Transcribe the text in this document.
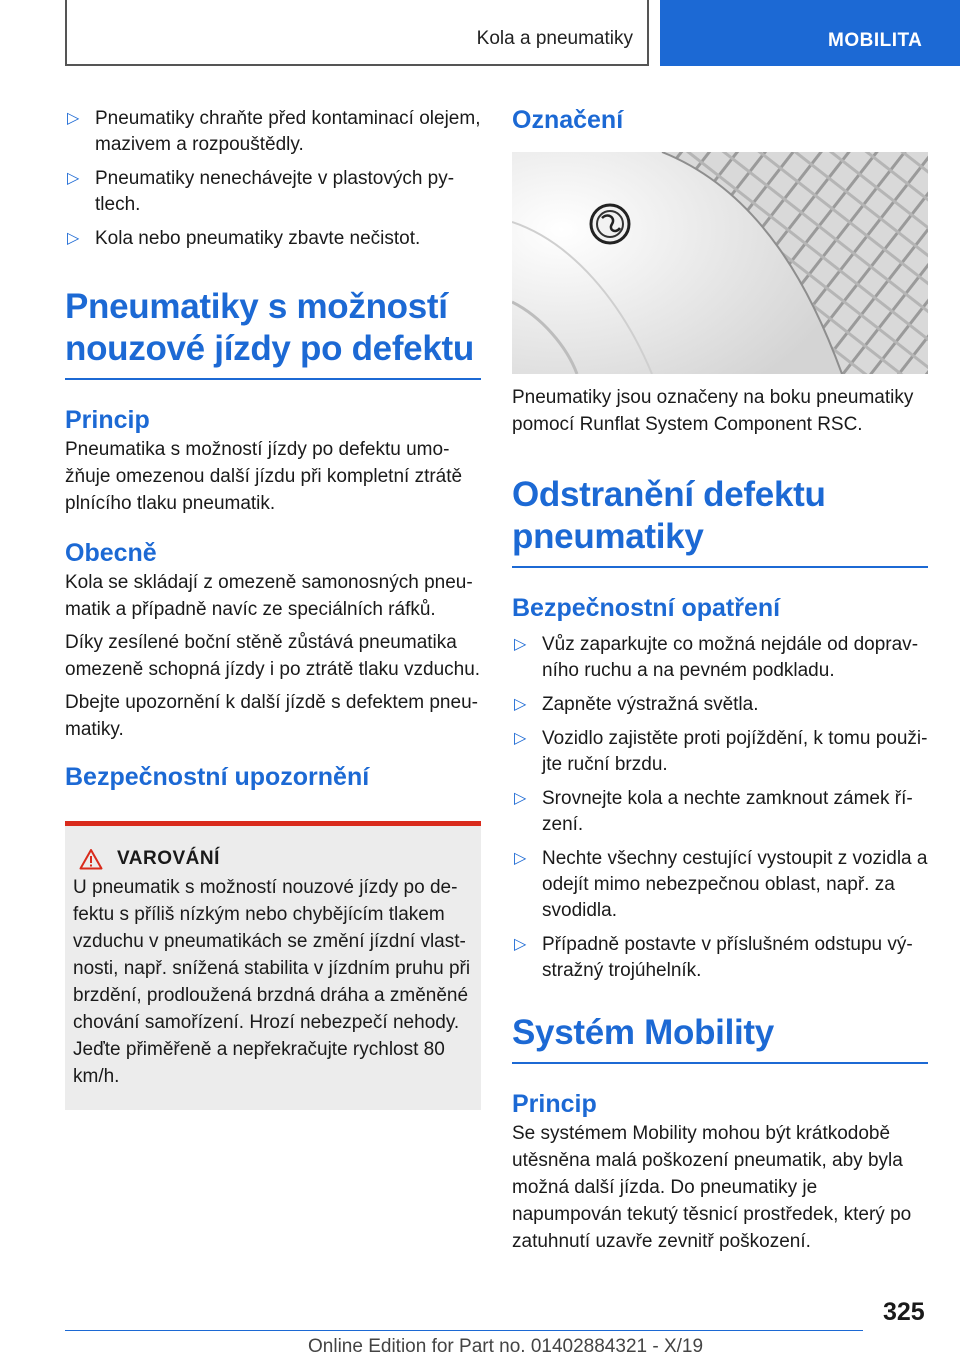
Kola a pneumatiky	MOBILITA
▷ Pneumatiky chraňte před kontaminací olejem, mazivem a rozpouštědly.
▷ Pneumatiky nenechávejte v plastových pytlech.
▷ Kola nebo pneumatiky zbavte nečistot.
Pneumatiky s možností nouzové jízdy po defektu
Princip

Pneumatika s možností jízdy po defektu umožňuje omezenou další jízdu při kompletní ztrátě plnícího tlaku pneumatik.

Obecně

Kola se skládají z omezeně samonosných pneumatik a případně navíc ze speciálních ráfků.

Díky zesílené boční stěně zůstává pneumatika omezeně schopná jízdy i po ztrátě tlaku vzduchu.

Dbejte upozornění k další jízdě s defektem pneumatiky.

Bezpečnostní upozornění
VAROVÁNÍ

U pneumatik s možností nouzové jízdy po defektu s příliš nízkým nebo chybějícím tlakem vzduchu v pneumatikách se změní jízdní vlastnosti, např. snížená stabilita v jízdním pruhu při brzdění, prodloužená brzdná dráha a změněné chování samořízení. Hrozí nebezpečí nehody. Jeďte přiměřeně a nepřekračujte rychlost 80 km/h.

Označení

Pneumatiky jsou označeny na boku pneumatiky pomocí Runflat System Component RSC.

Odstranění defektu pneumatiky
Bezpečnostní opatření
▷ Vůz zaparkujte co možná nejdále od dopravního ruchu a na pevném podkladu.
▷ Zapněte výstražná světla.
▷ Vozidlo zajistěte proti pojíždění, k tomu použijte ruční brzdu.
▷ Srovnejte kola a nechte zamknout zámek řízení.
▷ Nechte všechny cestující vystoupit z vozidla a odejít mimo nebezpečnou oblast, např. za svodidla.
▷ Případně postavte v příslušném odstupu výstražný trojúhelník.
Systém Mobility
Princip

Se systémem Mobility mohou být krátkodobě utěsněna malá poškození pneumatik, aby byla možná další jízda. Do pneumatiky je napumpován tekutý těsnicí prostředek, který po zatuhnutí uzavře zevnitř poškození.

325
Online Edition for Part no. 01402884321 - X/19
